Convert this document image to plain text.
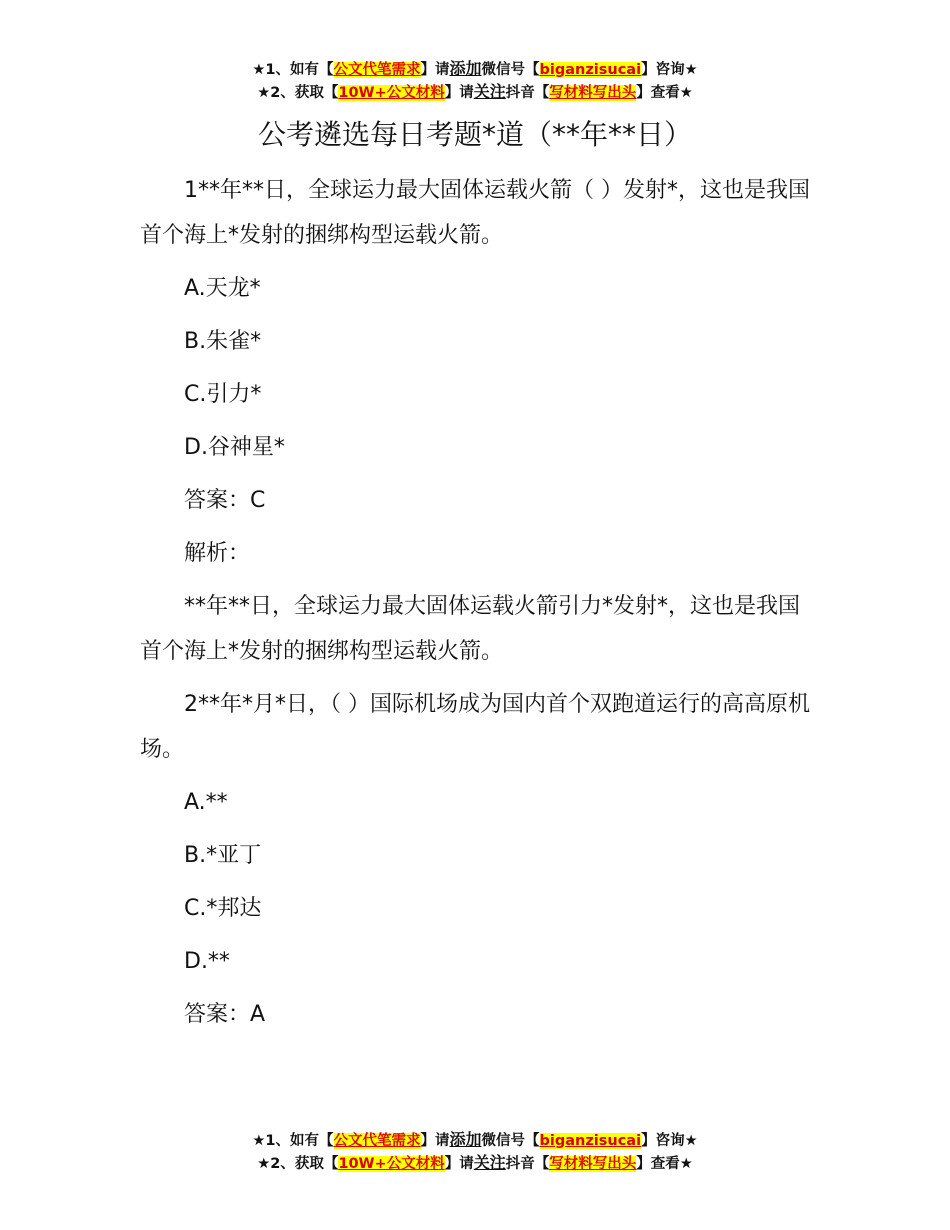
★1、如有【公文代笔需求】请添加微信号【biganzisucai】咨询★
★2、获取【10W+公文材料】请关注抖音【写材料写出头】查看★
公考遴选每日考题*道（**年**日）

1**年**日，全球运力最大固体运载火箭（ ）发射*，这也是我国首个海上*发射的捆绑构型运载火箭。

A.天龙*

B.朱雀*

C.引力*

D.谷神星*

答案：C

解析：

**年**日，全球运力最大固体运载火箭引力*发射*，这也是我国首个海上*发射的捆绑构型运载火箭。

2**年*月*日，（ ）国际机场成为国内首个双跑道运行的高高原机场。

A.**

B.*亚丁

C.*邦达

D.**

答案：A

★1、如有【公文代笔需求】请添加微信号【biganzisucai】咨询★
★2、获取【10W+公文材料】请关注抖音【写材料写出头】查看★
